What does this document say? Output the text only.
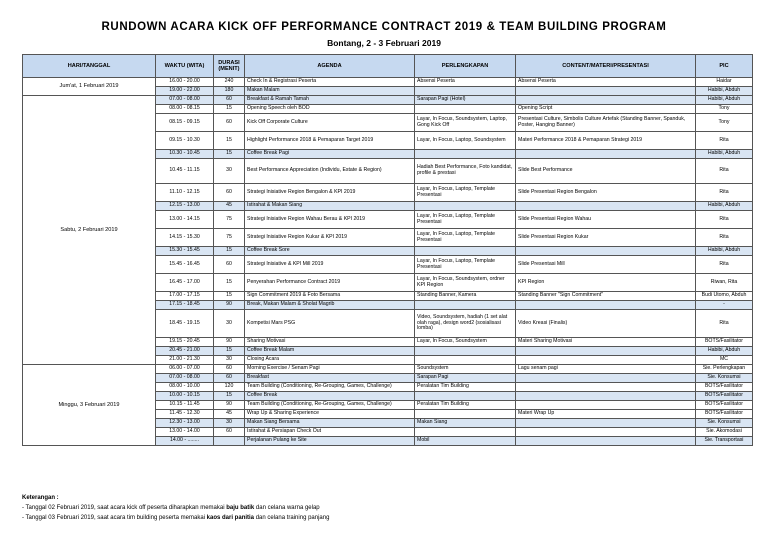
RUNDOWN ACARA KICK OFF PERFORMANCE CONTRACT 2019 & TEAM BUILDING PROGRAM
Bontang, 2 - 3 Februari 2019
HARI/TANGGAL	WAKTU (WITA)	DURASI (MENIT)	AGENDA	PERLENGKAPAN	CONTENT/MATERI/PRESENTASI	PIC
Jum'at, 1 Februari 2019	16.00 - 20.00	240	Check In & Registrasi Peserta	Absensi Peserta	Absensi Peserta	Haidar
	19.00 - 22.00	180	Makan Malam			Habibi, Abduh
Sabtu, 2 Februari 2019	07.00 - 08.00	60	Breakfast & Ramah Tamah	Sarapan Pagi (Hotel)		Habibi, Abduh
	08.00 - 08.15	15	Opening Speech oleh BOD		Opening Script	Tony
	08.15 - 09.15	60	Kick Off Corporate Culture	Layar, In Focus, Soundsystem, Laptop, Gong Kick Off	Presentasi Culture, Simbolis Culture Artefak (Standing Banner, Spanduk, Poster, Hanging Banner)	Tony
	09.15 - 10.30	15	Highlight Performance 2018 & Pemaparan Target 2019	Layar, In Focus, Laptop, Soundsystem	Materi Performance 2018 & Pemaparan Strategi 2019	Rita
	10.30 - 10.45	15	Coffee Break Pagi			Habibi, Abduh
	10.45 - 11.15	30	Best Performance Appreciation (Individu, Estate & Region)	Hadiah Best Performance, Foto kandidat, profile & prestasi	Slide Best Performance	Rita
	11.10 - 12.15	60	Strategi Inisiative Region Bengalon & KPI 2019	Layar, In Focus, Laptop, Template Presentasi	Slide Presentasi Region Bengalon	Rita
	12.15 - 13.00	45	Istirahat & Makan Siang			Habibi, Abduh
	13.00 - 14.15	75	Strategi Inisiative Region Wahau Berau & KPI 2019	Layar, In Focus, Laptop, Template Presentasi	Slide Presentasi Region Wahau	Rita
	14.15 - 15.30	75	Strategi Inisiative Region Kukar & KPI 2019	Layar, In Focus, Laptop, Template Presentasi	Slide Presentasi Region Kukar	Rita
	15.30 - 15.45	15	Coffee Break Sore			Habibi, Abduh
	15.45 - 16.45	60	Strategi Inisiative & KPI Mill 2019	Layar, In Focus, Laptop, Template Presentasi	Slide Presentasi Mill	Rita
	16.45 - 17.00	15	Penyerahan Performance Contract 2019	Layar, In Focus, Soundsystem, ordner KPI Region	KPI Region	Riwan, Rita
	17.00 - 17.15	15	Sign Commitment 2019 & Foto Bersama	Standing Banner, Kamera	Standing Banner "Sign Commitment"	Budi Utomo, Abduh
	17.15 - 18.45	90	Break, Makan Malam & Sholat Magrib			-
	18.45 - 19.15	30	Kompetisi Mars PSG	Video, Soundsystem, hadiah (1 set alat olah raga), design word2 (sosialisasi lomba)	Video Kreasi (Finalis)	Rita
	19.15 - 20.45	90	Sharing Motivasi	Layar, In Focus, Soundsystem	Materi Sharing Motivasi	BOTS/Fasilitator
	20.45 - 21.00	15	Coffee Break Malam			Habibi, Abduh
	21.00 - 21.30	30	Closing Acara			MC
Minggu, 3 Februari 2019	06.00 - 07.00	60	Morning Exercise / Senam Pagi	Soundsystem	Lagu senam pagi	Sie. Perlengkapan
	07.00 - 08.00	60	Breakfast	Sarapan Pagi		Sie. Konsumsi
	08.00 - 10.00	120	Team Building (Conditioning, Re-Grouping, Games, Challenge)	Peralatan Tim Building		BOTS/Fasilitator
	10.00 - 10.15	15	Coffee Break			BOTS/Fasilitator
	10.15 - 11.45	90	Team Building (Conditioning, Re-Grouping, Games, Challenge)	Peralatan Tim Building		BOTS/Fasilitator
	11.45 - 12.30	45	Wrap Up & Sharing Experience		Materi Wrap Up	BOTS/Fasilitator
	12.30 - 13.00	30	Makan Siang Bersama	Makan Siang		Sie. Konsumsi
	13.00 - 14.00	60	Istirahat & Persiapan Check Out			Sie. Akomodasi
	14.00 - ........		Perjalanan Pulang ke Site	Mobil		Sie. Transportasi
Keterangan :
- Tanggal 02 Februari 2019, saat acara kick off peserta diharapkan memakai baju batik dan celana warna gelap
- Tanggal 03 Februari 2019, saat acara tim building peserta memakai kaos dari panitia dan celana training panjang
